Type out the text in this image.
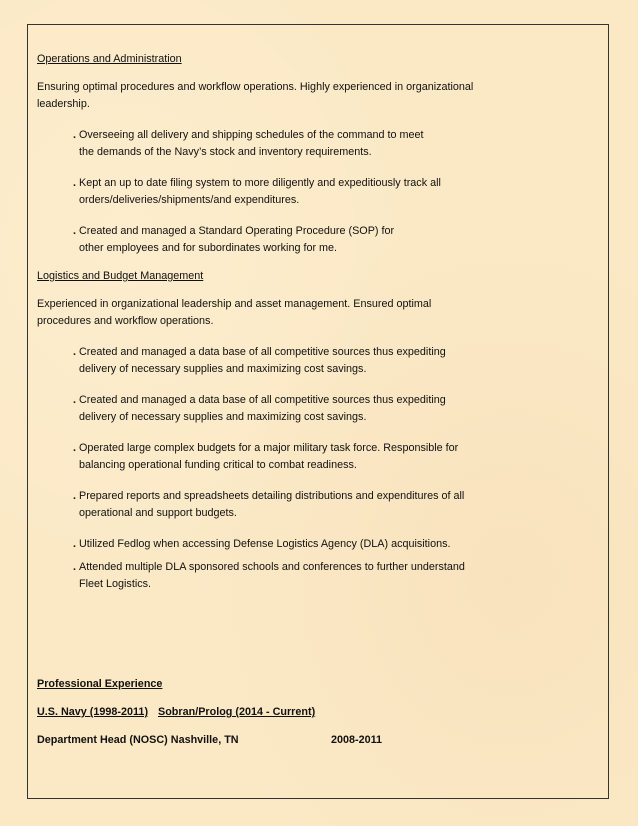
Operations and Administration

Ensuring optimal procedures and workflow operations. Highly experienced in organizational leadership.

. Overseeing all delivery and shipping schedules of the command to meet the demands of the Navy’s stock and inventory requirements.

. Kept an up to date filing system to more diligently and expeditiously track all orders/deliveries/shipments/and expenditures.

. Created and managed a Standard Operating Procedure (SOP) for other employees and for subordinates working for me.

Logistics and Budget Management

Experienced in organizational leadership and asset management. Ensured optimal procedures and workflow operations.

. Created and managed a data base of all competitive sources thus expediting delivery of necessary supplies and maximizing cost savings.

. Created and managed a data base of all competitive sources thus expediting delivery of necessary supplies and maximizing cost savings.

. Operated large complex budgets for a major military task force. Responsible for balancing operational funding critical to combat readiness.

. Prepared reports and spreadsheets detailing distributions and expenditures of all operational and support budgets.

. Utilized Fedlog when accessing Defense Logistics Agency (DLA) acquisitions.

. Attended multiple DLA sponsored schools and conferences to further understand Fleet Logistics.

Professional Experience

U.S. Navy (1998-2011) Sobran/Prolog (2014 - Current)
Department Head (NOSC) Nashville, TN	2008-2011
